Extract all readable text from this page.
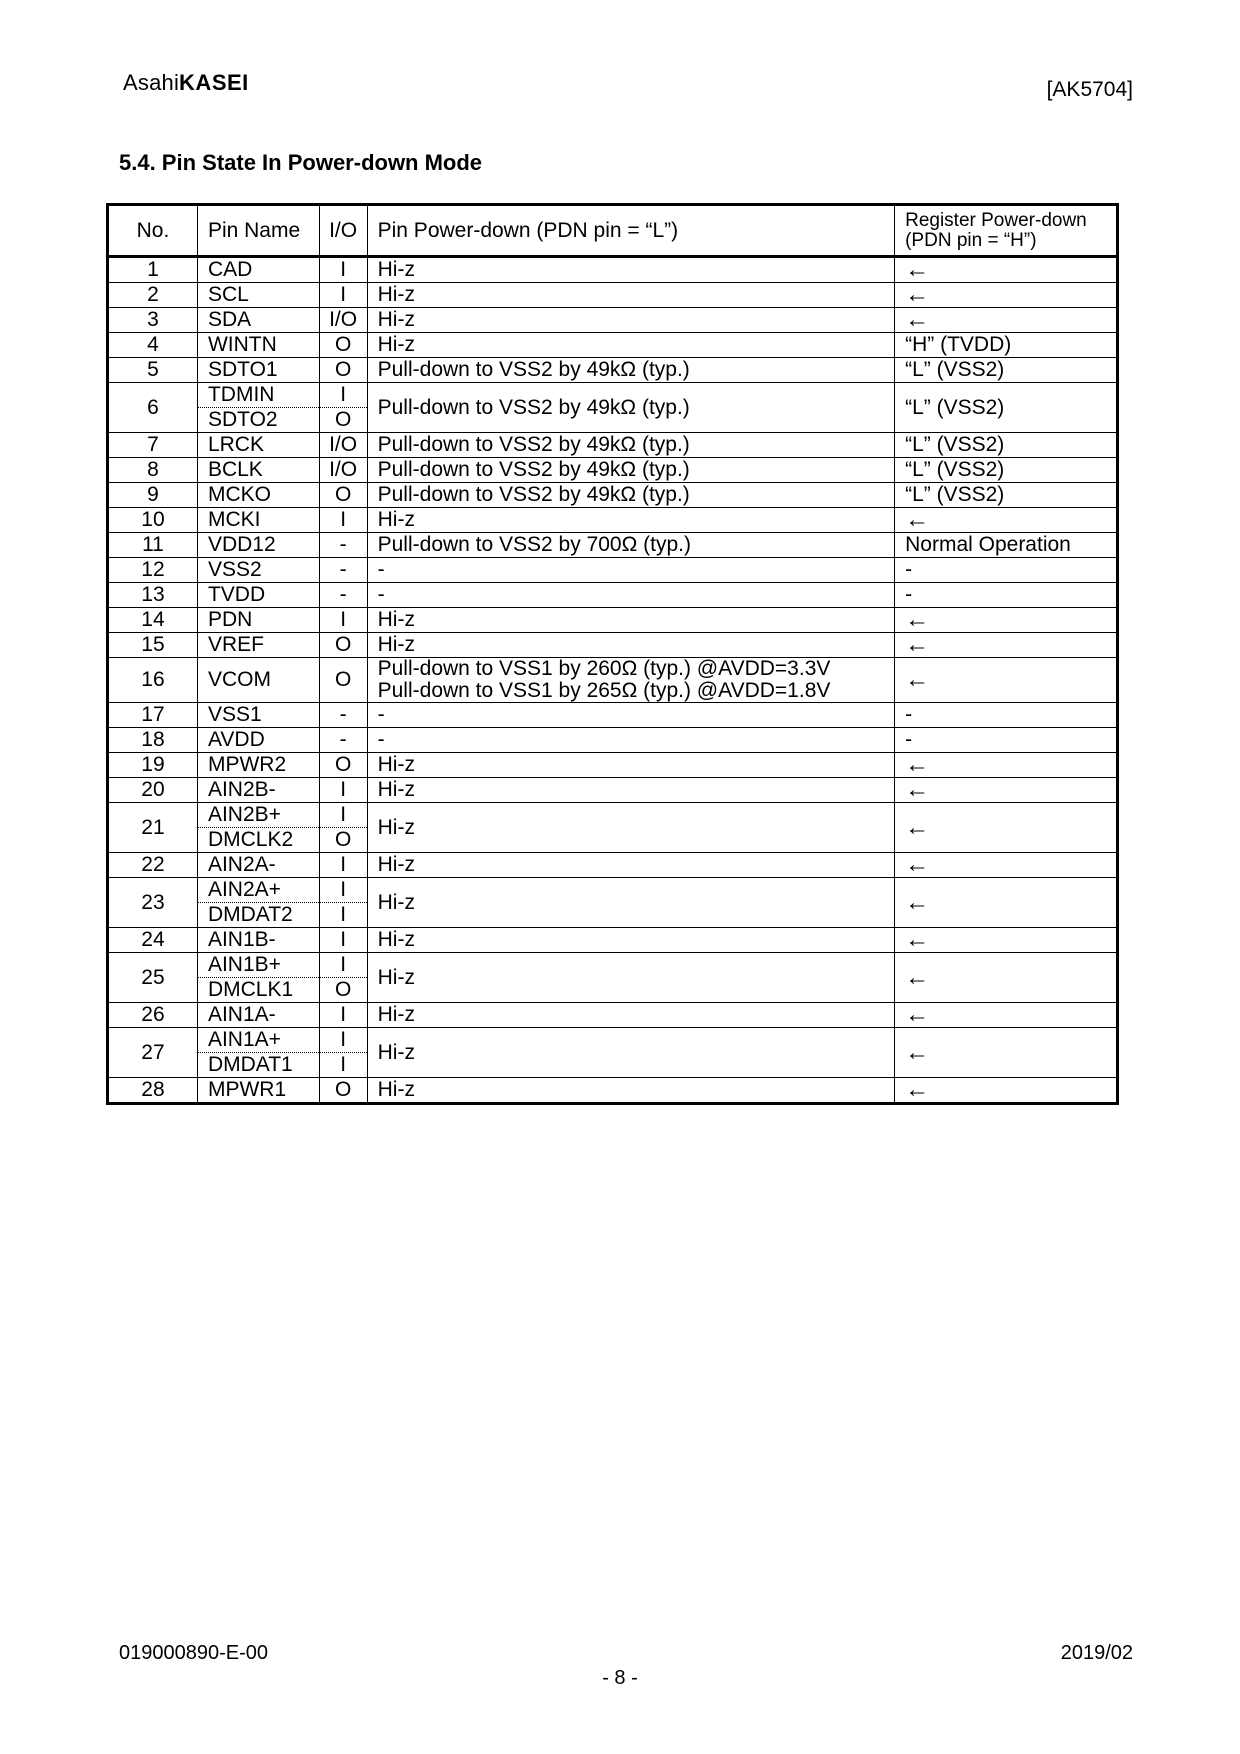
AsahiKASEI	[AK5704]
5.4. Pin State In Power-down Mode
No.	Pin Name	I/O	Pin Power-down (PDN pin = “L”)	Register Power-down (PDN pin = “H”)
1	CAD	I	Hi-z	←
2	SCL	I	Hi-z	←
3	SDA	I/O	Hi-z	←
4	WINTN	O	Hi-z	“H” (TVDD)
5	SDTO1	O	Pull-down to VSS2 by 49kΩ (typ.)	“L” (VSS2)
6	TDMIN	I	Pull-down to VSS2 by 49kΩ (typ.)	“L” (VSS2)
	SDTO2	O		
7	LRCK	I/O	Pull-down to VSS2 by 49kΩ (typ.)	“L” (VSS2)
8	BCLK	I/O	Pull-down to VSS2 by 49kΩ (typ.)	“L” (VSS2)
9	MCKO	O	Pull-down to VSS2 by 49kΩ (typ.)	“L” (VSS2)
10	MCKI	I	Hi-z	←
11	VDD12	-	Pull-down to VSS2 by 700Ω (typ.)	Normal Operation
12	VSS2	-	-	-
13	TVDD	-	-	-
14	PDN	I	Hi-z	←
15	VREF	O	Hi-z	←
16	VCOM	O	Pull-down to VSS1 by 260Ω (typ.) @AVDD=3.3V
Pull-down to VSS1 by 265Ω (typ.) @AVDD=1.8V	←
17	VSS1	-	-	-
18	AVDD	-	-	-
19	MPWR2	O	Hi-z	←
20	AIN2B-	I	Hi-z	←
21	AIN2B+	I	Hi-z	←
	DMCLK2	O		
22	AIN2A-	I	Hi-z	←
23	AIN2A+	I	Hi-z	←
	DMDAT2	I		
24	AIN1B-	I	Hi-z	←
25	AIN1B+	I	Hi-z	←
	DMCLK1	O		
26	AIN1A-	I	Hi-z	←
27	AIN1A+	I	Hi-z	←
	DMDAT1	I		
28	MPWR1	O	Hi-z	←
019000890-E-00	2019/02
- 8 -
